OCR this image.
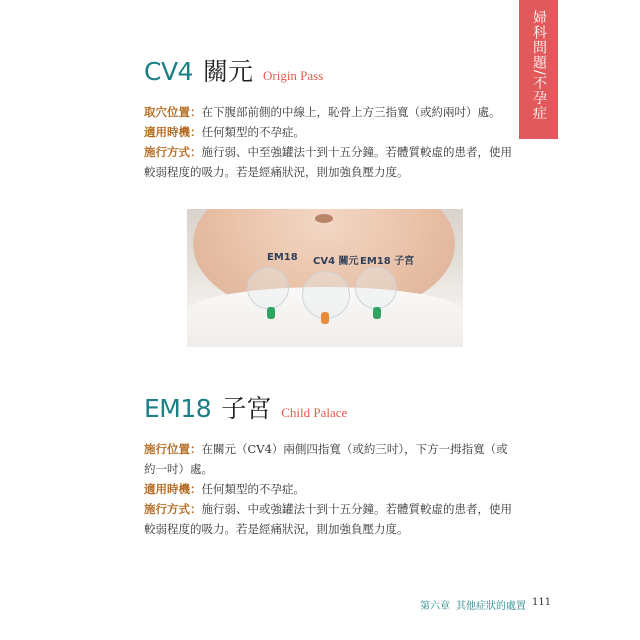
婦科問題/不孕症
CV4 關元 Origin Pass

取穴位置：在下腹部前側的中線上，恥骨上方三指寬（或約兩吋）處。

適用時機：任何類型的不孕症。

施行方式：施行弱、中至強罐法十到十五分鐘。若體質較虛的患者，使用較弱程度的吸力。若是經痛狀況，則加強負壓力度。

EM18 CV4 關元 EM18 子宮
EM18 子宮 Child Palace

施行位置：在關元（CV4）兩側四指寬（或約三吋），下方一拇指寬（或約一吋）處。

適用時機：任何類型的不孕症。

施行方式：施行弱、中或強罐法十到十五分鐘。若體質較虛的患者，使用較弱程度的吸力。若是經痛狀況，則加強負壓力度。

第六章 其他症狀的處置 111
